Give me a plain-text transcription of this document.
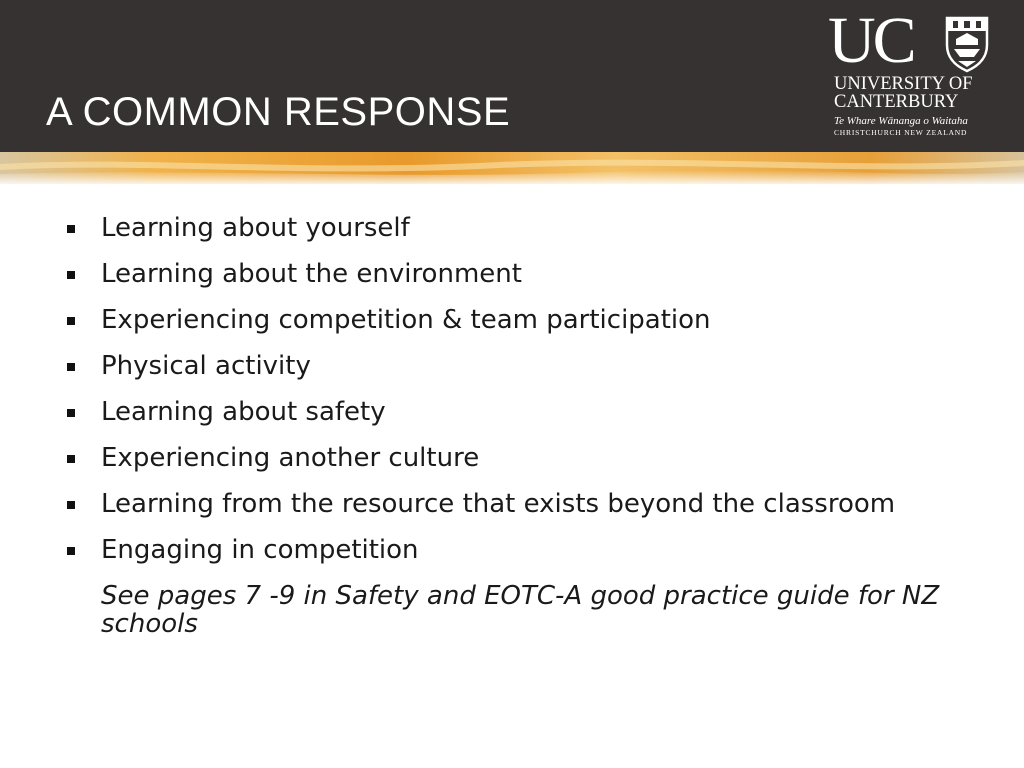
A COMMON RESPONSE
UC
UNIVERSITY OF
CANTERBURY
Te Whare Wānanga o Waitaha
CHRISTCHURCH NEW ZEALAND
Learning about yourself
Learning about the environment
Experiencing competition & team participation
Physical activity
Learning about safety
Experiencing another culture
Learning from the resource that exists beyond the classroom
Engaging in competition
See pages 7 -9 in Safety and EOTC-A good practice guide for NZ schools
